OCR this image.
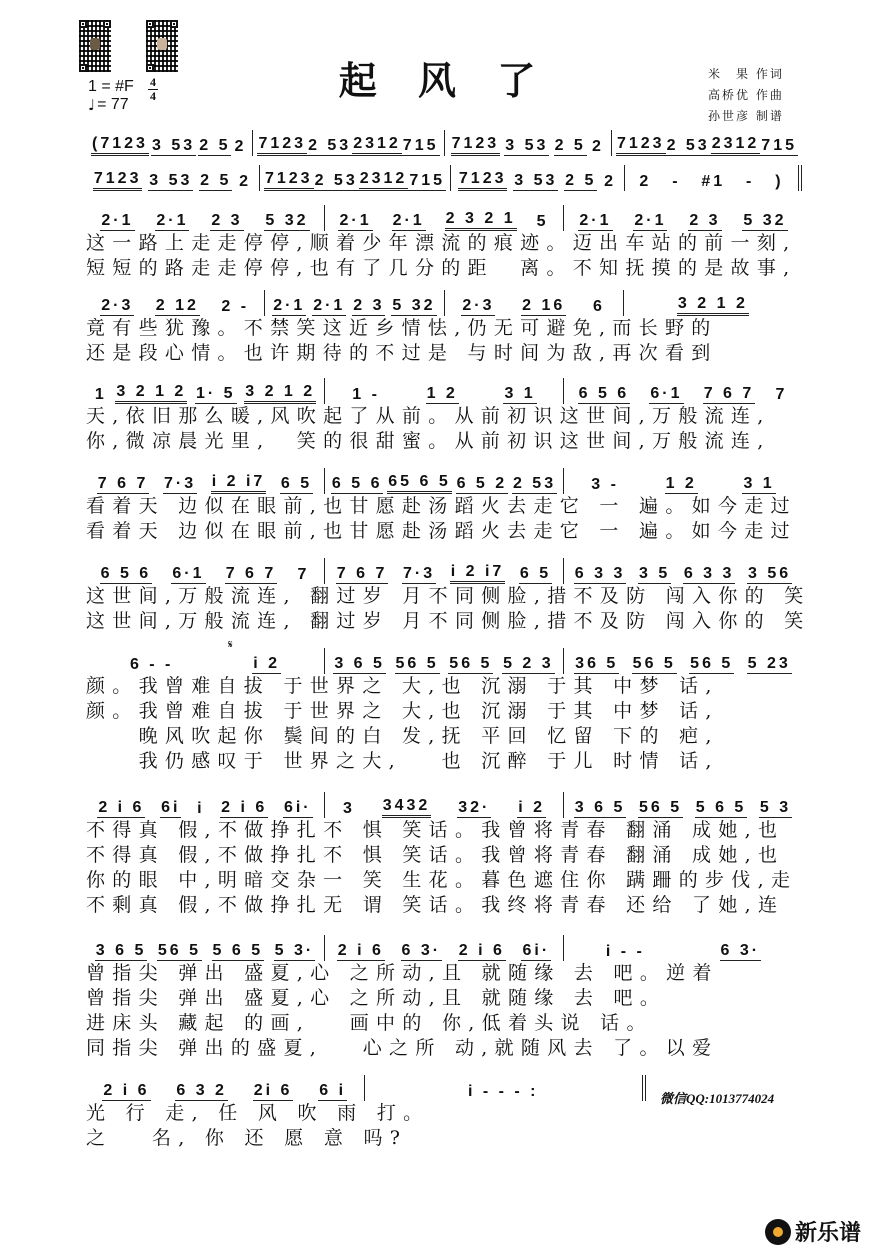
1 = #F
♩ = 77
4
4	起 风 了	米　果 作词
高桥优 作曲
孙世彦 制谱
(7123 3 53 2 5 2 7123 2 53 2312 715 7123 3 53 2 5 2 7123 2 53 2312 715
7123 3 53 2 5 2 7123 2 53 2312 715 7123 3 53 2 5 2 2 - #1 - )
2·1 2·1 2 3 5 32 2·1 2·1 2 3 2 1 5 2·1 2·1 2 3 5 32
这一路上走走停停,顺着少年漂流的痕迹。迈出车站的前一刻,
短短的路走走停停,也有了几分的距　离。不知抚摸的是故事,
2·3 2 12 2 - 2·1 2·1 2 3 5 32 2·3 2 16 6	3 2 1 2
竟有些犹豫。不禁笑这近乡情怯,仍无可避免,而长野的
还是段心情。也许期待的不过是 与时间为敌,再次看到
1 3 2 1 2 1· 5 3 2 1 2 1 -	1 2	3 1	6 5 6 6·1 7 6 7 7
天,依旧那么暖,风吹起了从前。从前初识这世间,万般流连,
你,微凉晨光里,　笑的很甜蜜。从前初识这世间,万般流连,
7 6 7 7·3 i 2 i7 6 5 6 5 6 65 6 5 6 5 2 2 53 3 -	1 2	3 1
看着天 边似在眼前,也甘愿赴汤蹈火去走它 一 遍。如今走过
看着天 边似在眼前,也甘愿赴汤蹈火去走它 一 遍。如今走过
6 5 6 6·1 7 6 7 7 7 6 7 7·3 i 2 i7 6 5 6 3 3 3 5 6 3 3 3 56
这世间,万般流连, 翻过岁 月不同侧脸,措不及防 闯入你的 笑
这世间,万般流连, 翻过岁 月不同侧脸,措不及防 闯入你的 笑
𝄋
6 - -	i 2	3 6 5 56 5 56 5 5 2 3 36 5 56 5 56 5 5 23
颜。我曾难自拔 于世界之 大,也 沉溺 于其 中梦 话,
颜。我曾难自拔 于世界之 大,也 沉溺 于其 中梦 话,
　　晚风吹起你 鬓间的白 发,抚 平回 忆留 下的 疤,
　　我仍感叹于 世界之大,　 也 沉醉 于儿 时情 话,
2 i 6 6i i 2 i 6 6i· 3 3432 32· i 2 3 6 5 56 5 5 6 5 5 3
不得真 假,不做挣扎不 惧 笑话。我曾将青春 翻涌 成她,也
不得真 假,不做挣扎不 惧 笑话。我曾将青春 翻涌 成她,也
你的眼 中,明暗交杂一 笑 生花。暮色遮住你 蹒跚的步伐,走
不剩真 假,不做挣扎无 谓 笑话。我终将青春 还给 了她,连
3 6 5 56 5 5 6 5 5 3· 2 i 6 6 3· 2 i 6 6i·	i - -	6 3·
曾指尖 弹出 盛夏,心 之所动,且 就随缘 去 吧。逆着
曾指尖 弹出 盛夏,心 之所动,且 就随缘 去 吧。
进床头 藏起 的画,　 画中的 你,低着头说 话。
同指尖 弹出的盛夏,　 心之所 动,就随风去 了。以爱
2 i 6 6 3 2 2i 6 6 i	i - - - :
光 行 走, 任 风 吹 雨 打。
之　 名, 你 还 愿 意 吗?
微信QQ:1013774024
新乐谱
